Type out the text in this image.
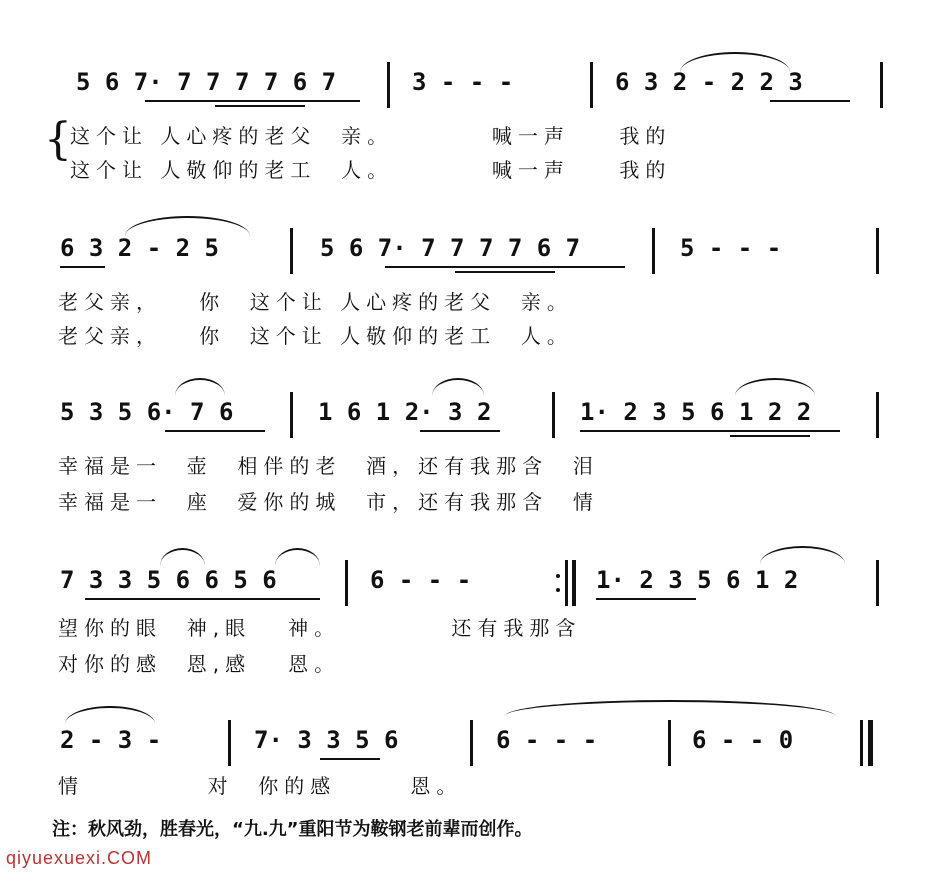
5 6 7· 7 7 7 7 6 7	3 - - -	6 3 2 - 2 2 3
{
这个让 人心疼的老父  亲。        喊一声    我的
这个让 人敬仰的老工  人。        喊一声    我的
6 3 2 - 2 5	5 6 7· 7 7 7 7 6 7	5 - - -
老父亲，   你  这个让 人心疼的老父  亲。
老父亲，   你  这个让 人敬仰的老工  人。
5 3 5 6· 7 6	1 6 1 2· 3 2	1· 2 3 5 6 1 2 2
幸福是一  壶  相伴的老  酒，还有我那含  泪
幸福是一  座  爱你的城  市，还有我那含  情
7 3 3 5 6 6 5 6	6 - - -	1· 2 3 5 6 1 2
望你的眼  神,眼   神。         还有我那含
对你的感  恩,感   恩。
2 - 3 -	7· 3 3 5 6	6 - - -	6 - - 0
情          对  你的感      恩。
注：秋风劲，胜春光，“九.九”重阳节为鞍钢老前辈而创作。
qiyuexuexi.COM
